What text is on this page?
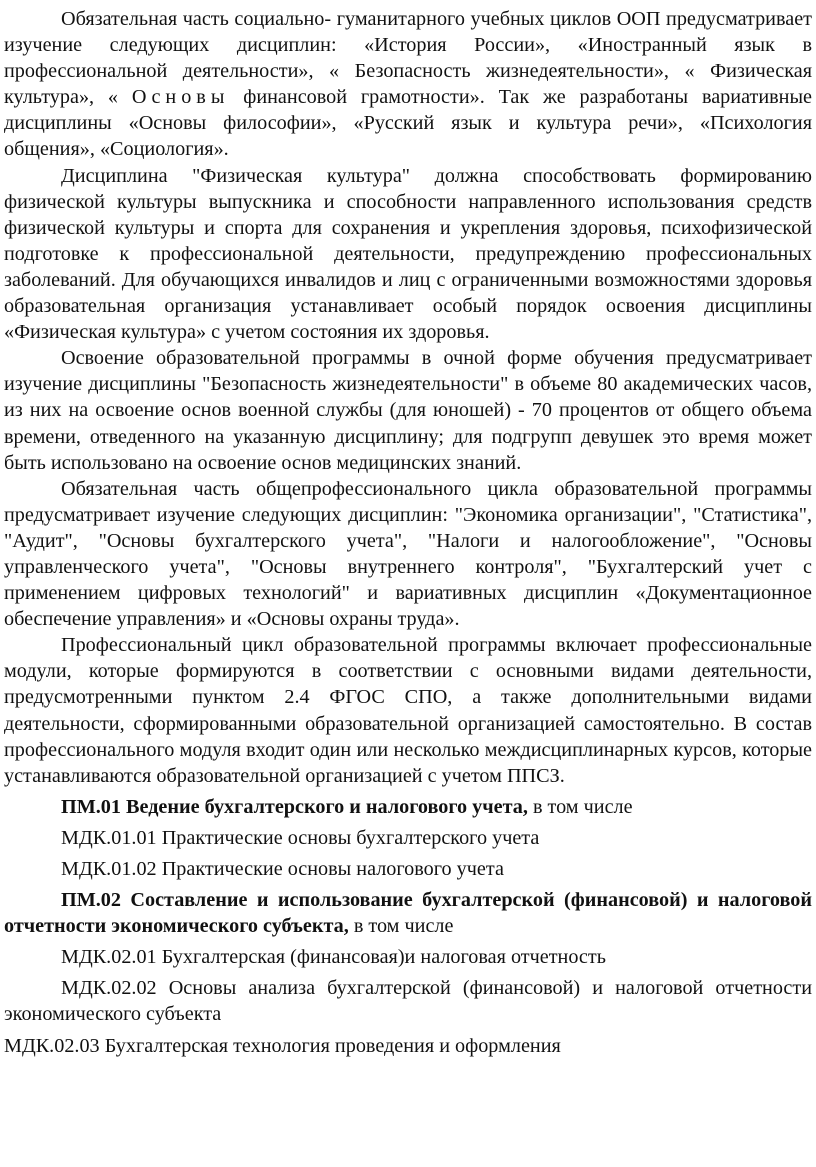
Обязательная часть социально- гуманитарного учебных циклов ООП предусматривает изучение следующих дисциплин: «История России», «Иностранный язык в профессиональной деятельности», « Безопасность жизнедеятельности», « Физическая культура», « Основы финансовой грамотности». Так же разработаны вариативные дисциплины «Основы философии», «Русский язык и культура речи», «Психология общения», «Социология».

Дисциплина "Физическая культура" должна способствовать формированию физической культуры выпускника и способности направленного использования средств физической культуры и спорта для сохранения и укрепления здоровья, психофизической подготовке к профессиональной деятельности, предупреждению профессиональных заболеваний. Для обучающихся инвалидов и лиц с ограниченными возможностями здоровья образовательная организация устанавливает особый порядок освоения дисциплины «Физическая культура» с учетом состояния их здоровья.

Освоение образовательной программы в очной форме обучения предусматривает изучение дисциплины "Безопасность жизнедеятельности" в объеме 80 академических часов, из них на освоение основ военной службы (для юношей) - 70 процентов от общего объема времени, отведенного на указанную дисциплину; для подгрупп девушек это время может быть использовано на освоение основ медицинских знаний.

Обязательная часть общепрофессионального цикла образовательной программы предусматривает изучение следующих дисциплин: "Экономика организации", "Статистика", "Аудит", "Основы бухгалтерского учета", "Налоги и налогообложение", "Основы управленческого учета", "Основы внутреннего контроля", "Бухгалтерский учет с применением цифровых технологий" и вариативных дисциплин «Документационное обеспечение управления» и «Основы охраны труда».

Профессиональный цикл образовательной программы включает профессиональные модули, которые формируются в соответствии с основными видами деятельности, предусмотренными пунктом 2.4 ФГОС СПО, а также дополнительными видами деятельности, сформированными образовательной организацией самостоятельно. В состав профессионального модуля входит один или несколько междисциплинарных курсов, которые устанавливаются образовательной организацией с учетом ППСЗ.

ПМ.01 Ведение бухгалтерского и налогового учета, в том числе

МДК.01.01 Практические основы бухгалтерского учета

МДК.01.02 Практические основы налогового учета

ПМ.02 Составление и использование бухгалтерской (финансовой) и налоговой отчетности экономического субъекта, в том числе

МДК.02.01 Бухгалтерская (финансовая)и налоговая отчетность

МДК.02.02 Основы анализа бухгалтерской (финансовой) и налоговой отчетности экономического субъекта

МДК.02.03 Бухгалтерская технология проведения и оформления
